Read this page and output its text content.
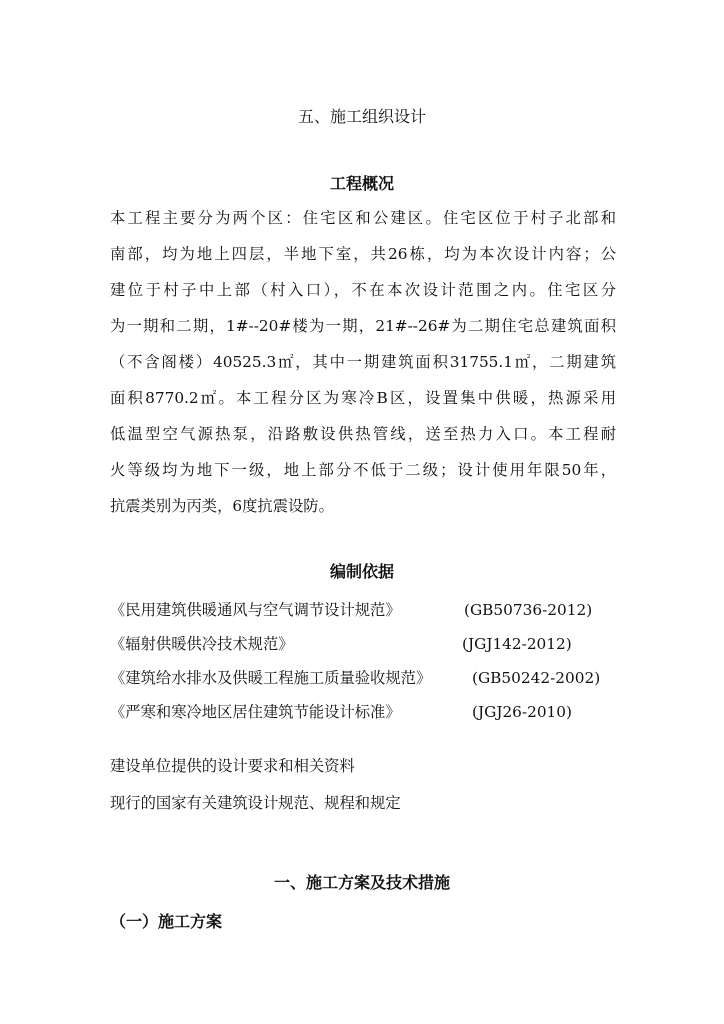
五、施工组织设计
工程概况
本工程主要分为两个区：住宅区和公建区。住宅区位于村子北部和
南部，均为地上四层，半地下室，共26栋，均为本次设计内容；公
建位于村子中上部（村入口），不在本次设计范围之内。住宅区分
为一期和二期，1#--20#楼为一期，21#--26#为二期住宅总建筑面积
（不含阁楼）40525.3㎡，其中一期建筑面积31755.1㎡，二期建筑
面积8770.2㎡。本工程分区为寒冷B区，设置集中供暖，热源采用
低温型空气源热泵，沿路敷设供热管线，送至热力入口。本工程耐
火等级均为地下一级，地上部分不低于二级；设计使用年限50年，
抗震类别为丙类，6度抗震设防。
编制依据
《民用建筑供暖通风与空气调节设计规范》	(GB50736-2012)
《辐射供暖供冷技术规范》	(JGJ142-2012)
《建筑给水排水及供暖工程施工质量验收规范》	(GB50242-2002)
《严寒和寒冷地区居住建筑节能设计标准》	(JGJ26-2010)
建设单位提供的设计要求和相关资料
现行的国家有关建筑设计规范、规程和规定
一、施工方案及技术措施
（一）施工方案
